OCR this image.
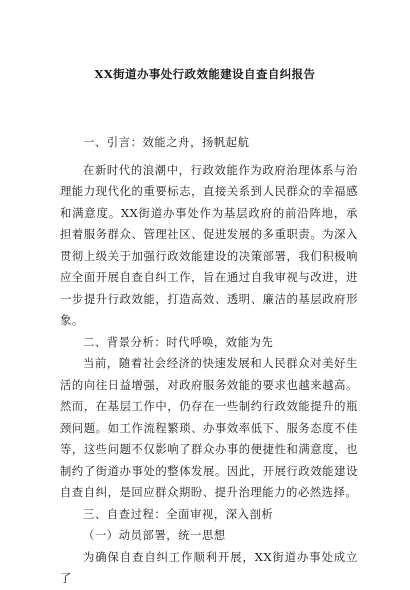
XX街道办事处行政效能建设自查自纠报告

一、引言：效能之舟，扬帆起航

在新时代的浪潮中，行政效能作为政府治理体系与治理能力现代化的重要标志，直接关系到人民群众的幸福感和满意度。XX街道办事处作为基层政府的前沿阵地，承担着服务群众、管理社区、促进发展的多重职责。为深入贯彻上级关于加强行政效能建设的决策部署，我们积极响应全面开展自查自纠工作，旨在通过自我审视与改进，进一步提升行政效能，打造高效、透明、廉洁的基层政府形象。

二、背景分析：时代呼唤，效能为先

当前，随着社会经济的快速发展和人民群众对美好生活的向往日益增强，对政府服务效能的要求也越来越高。然而，在基层工作中，仍存在一些制约行政效能提升的瓶颈问题。如工作流程繁琐、办事效率低下、服务态度不佳等，这些问题不仅影响了群众办事的便捷性和满意度，也制约了街道办事处的整体发展。因此，开展行政效能建设自查自纠，是回应群众期盼、提升治理能力的必然选择。

三、自查过程：全面审视，深入剖析

（一）动员部署，统一思想

为确保自查自纠工作顺利开展，XX街道办事处成立了
